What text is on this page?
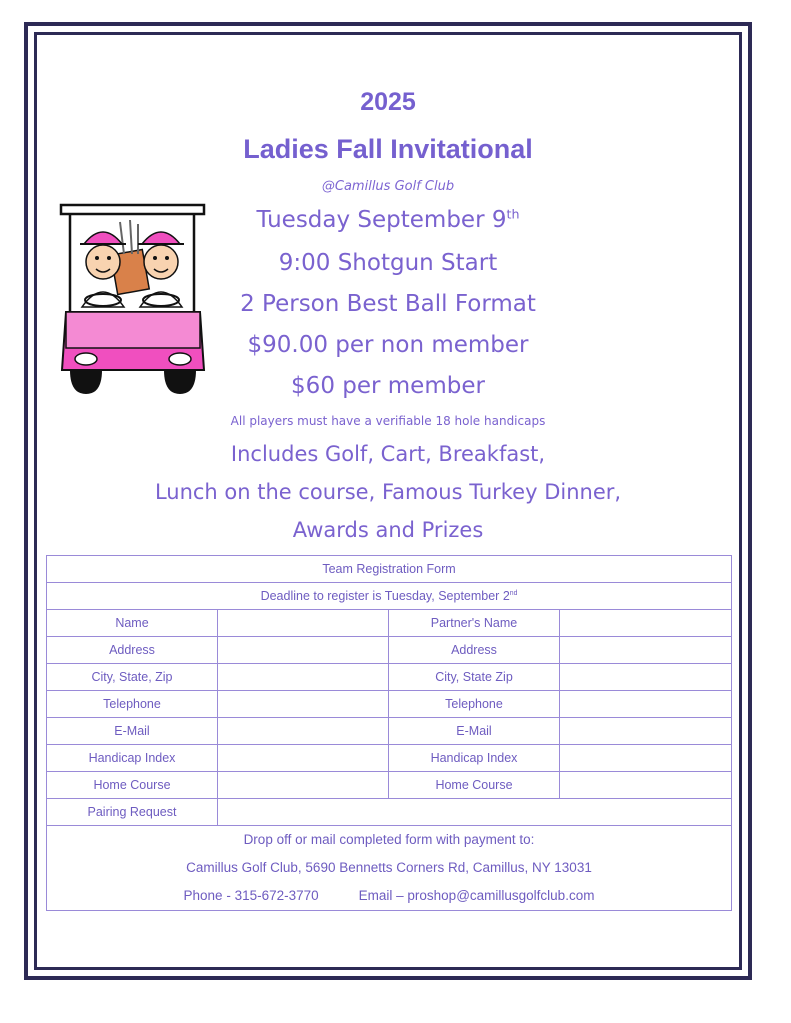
2025
Ladies Fall Invitational
@Camillus Golf Club
Tuesday September 9th
9:00 Shotgun Start
2 Person Best Ball Format
$90.00 per non member
$60 per member
All players must have a verifiable 18 hole handicaps
Includes Golf, Cart, Breakfast,
Lunch on the course, Famous Turkey Dinner,
Awards and Prizes
Team Registration Form			
Deadline to register is Tuesday, September 2nd
Name		Partner's Name	
Address		Address	
City, State, Zip		City, State Zip	
Telephone		Telephone	
E-Mail		E-Mail	
Handicap Index		Handicap Index	
Home Course		Home Course	
Pairing Request			

Drop off or mail completed form with payment to:
Camillus Golf Club, 5690 Bennetts Corners Rd, Camillus, NY 13031
Phone - 315-672-3770 Email – proshop@camillusgolfclub.com			
